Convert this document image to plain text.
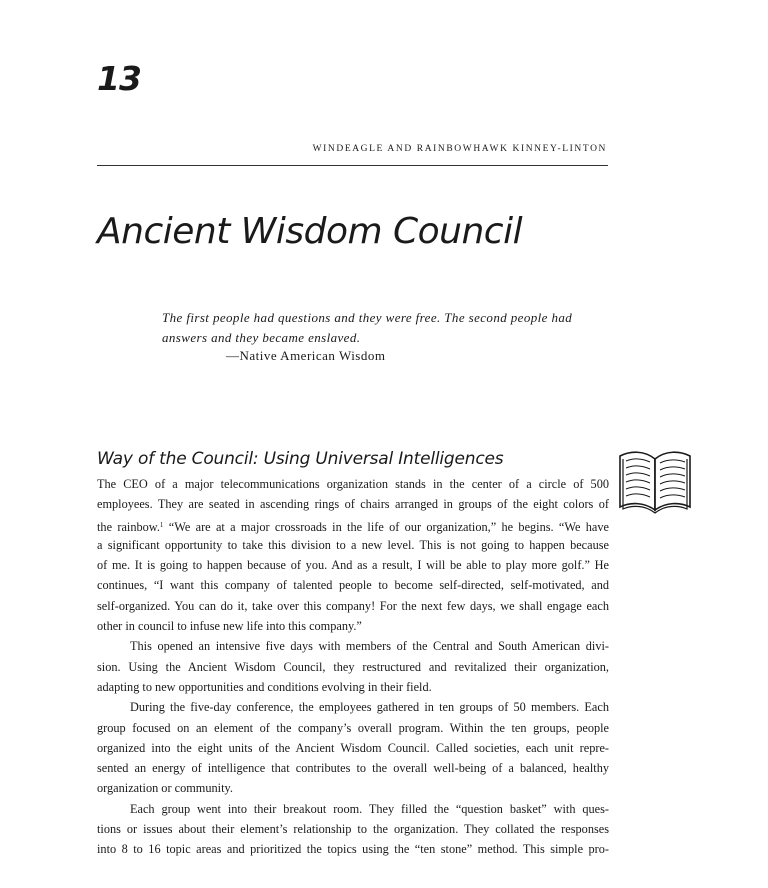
13
WINDEAGLE AND RAINBOWHAWK KINNEY-LINTON
Ancient Wisdom Council
The first people had questions and they were free. The second people had
answers and they became enslaved.
—Native American Wisdom
Way of the Council: Using Universal Intelligences
The CEO of a major telecommunications organization stands in the center of a circle of 500
employees. They are seated in ascending rings of chairs arranged in groups of the eight colors of
the rainbow.$^1$ “We are at a major crossroads in the life of our organization,” he begins. “We have
a significant opportunity to take this division to a new level. This is not going to happen because
of me. It is going to happen because of you. And as a result, I will be able to play more golf.” He
continues, “I want this company of talented people to become self-directed, self-motivated, and
self-organized. You can do it, take over this company! For the next few days, we shall engage each
other in council to infuse new life into this company.”
This opened an intensive five days with members of the Central and South American divi-
sion. Using the Ancient Wisdom Council, they restructured and revitalized their organization,
adapting to new opportunities and conditions evolving in their field.
During the five-day conference, the employees gathered in ten groups of 50 members. Each
group focused on an element of the company’s overall program. Within the ten groups, people
organized into the eight units of the Ancient Wisdom Council. Called societies, each unit repre-
sented an energy of intelligence that contributes to the overall well-being of a balanced, healthy
organization or community.
Each group went into their breakout room. They filled the “question basket” with ques-
tions or issues about their element’s relationship to the organization. They collated the responses
into 8 to 16 topic areas and prioritized the topics using the “ten stone” method. This simple pro-
